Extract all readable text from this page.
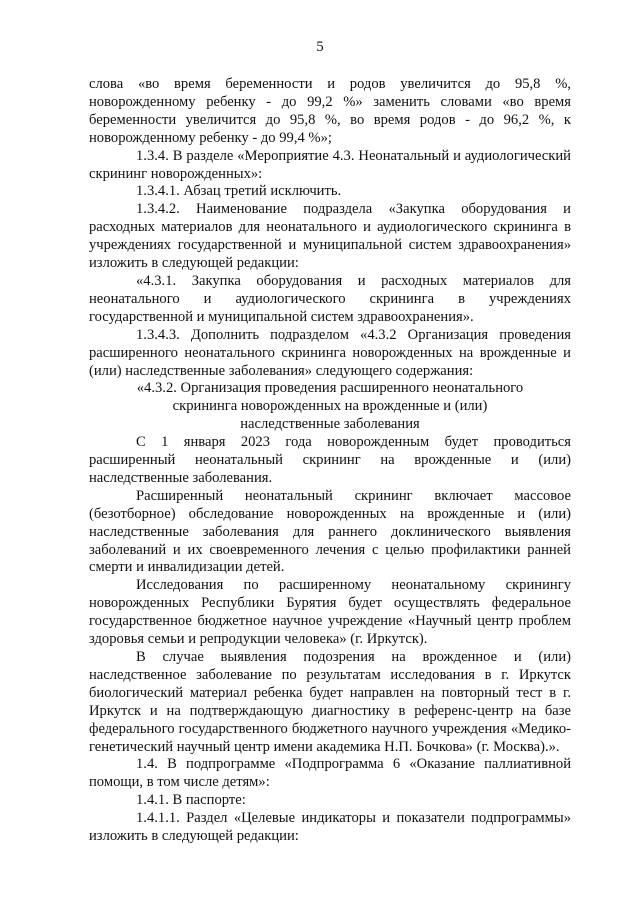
5

слова «во время беременности и родов увеличится до 95,8 %, новорожденному ребенку - до 99,2 %» заменить словами «во время беременности увеличится до 95,8 %, во время родов - до 96,2 %, к новорожденному ребенку - до 99,4 %»;

1.3.4. В разделе «Мероприятие 4.3. Неонатальный и аудиологический скрининг новорожденных»:

1.3.4.1. Абзац третий исключить.

1.3.4.2. Наименование подраздела «Закупка оборудования и расходных материалов для неонатального и аудиологического скрининга в учреждениях государственной и муниципальной систем здравоохранения» изложить в следующей редакции:

«4.3.1. Закупка оборудования и расходных материалов для неонатального и аудиологического скрининга в учреждениях государственной и муниципальной систем здравоохранения».

1.3.4.3. Дополнить подразделом «4.3.2 Организация проведения расширенного неонатального скрининга новорожденных на врожденные и (или) наследственные заболевания» следующего содержания:

«4.3.2. Организация проведения расширенного неонатального

скрининга новорожденных на врожденные и (или)

наследственные заболевания

С 1 января 2023 года новорожденным будет проводиться расширенный неонатальный скрининг на врожденные и (или) наследственные заболевания.

Расширенный неонатальный скрининг включает массовое (безотборное) обследование новорожденных на врожденные и (или) наследственные заболевания для раннего доклинического выявления заболеваний и их своевременного лечения с целью профилактики ранней смерти и инвалидизации детей.

Исследования по расширенному неонатальному скринингу новорожденных Республики Бурятия будет осуществлять федеральное государственное бюджетное научное учреждение «Научный центр проблем здоровья семьи и репродукции человека» (г. Иркутск).

В случае выявления подозрения на врожденное и (или) наследственное заболевание по результатам исследования в г. Иркутск биологический материал ребенка будет направлен на повторный тест в г. Иркутск и на подтверждающую диагностику в референс-центр на базе федерального государственного бюджетного научного учреждения «Медико-генетический научный центр имени академика Н.П. Бочкова» (г. Москва).».

1.4. В подпрограмме «Подпрограмма 6 «Оказание паллиативной помощи, в том числе детям»:

1.4.1. В паспорте:

1.4.1.1. Раздел «Целевые индикаторы и показатели подпрограммы» изложить в следующей редакции:
